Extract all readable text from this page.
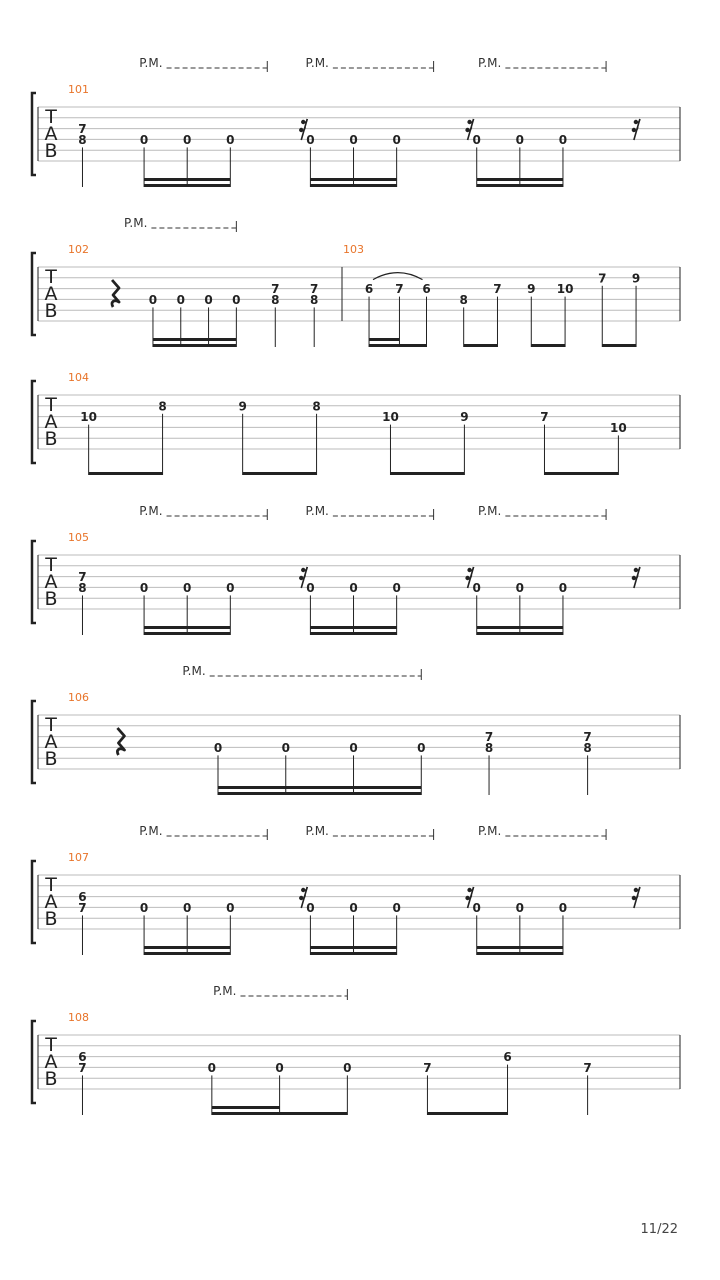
T
A
B
101
P.M.	P.M.	P.M.
7
8	0	0	0	0	0	0	0	0	0
T
A
B
102
P.M.
0 0 0 0
7
8
7
8
103
6 7 6
8
7 9 10
7 9
T
A
B
104
10
8	9	8
10	9	7
10
T
A
B
105
P.M.	P.M.	P.M.
7
8	0	0	0	0	0	0	0	0	0
T
A
B
106
P.M.
0	0	0	0
7
8
7
8
T
A
B
107
P.M.	P.M.	P.M.
6
7	0	0	0	0	0	0	0	0	0
T
A
B
108
P.M.
6
7	0	0	0	7
6
7
11/22
